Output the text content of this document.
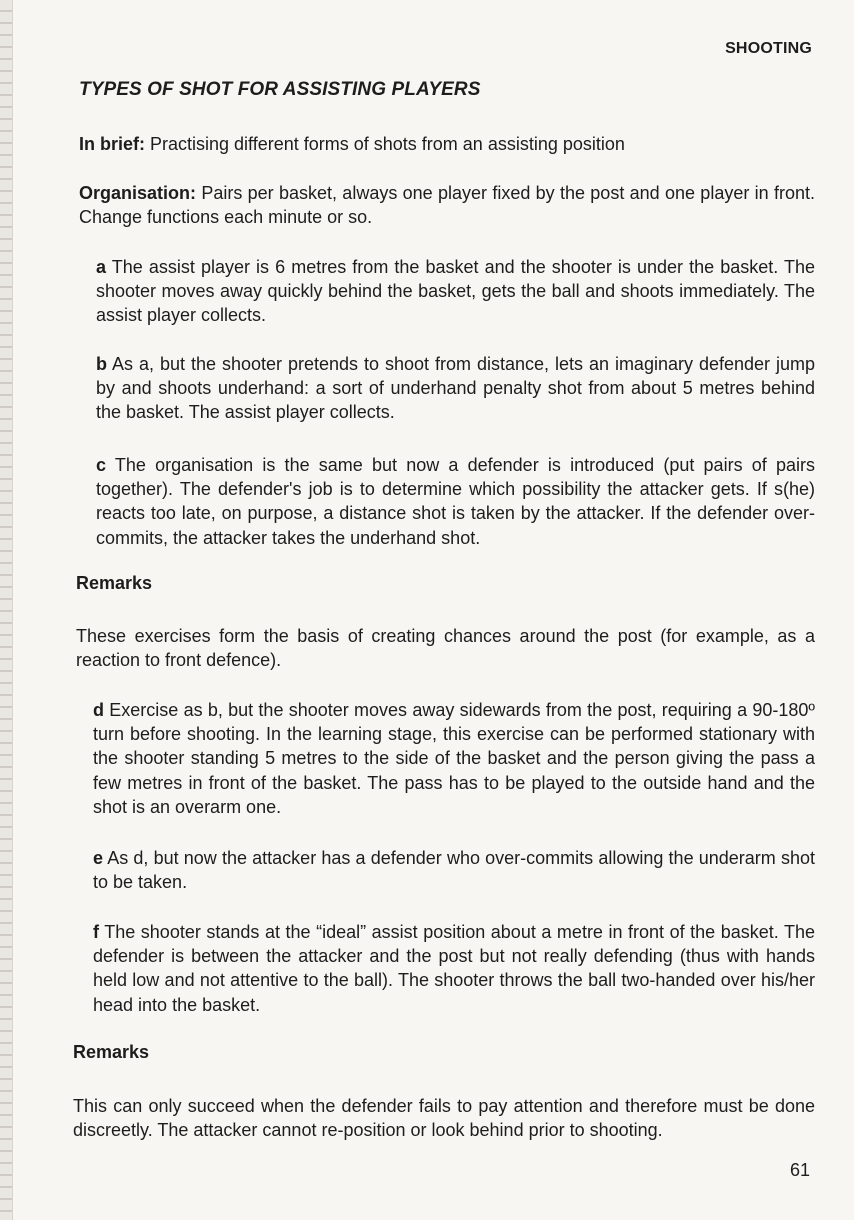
SHOOTING
TYPES OF SHOT FOR ASSISTING PLAYERS
In brief: Practising different forms of shots from an assisting position

Organisation: Pairs per basket, always one player fixed by the post and one player in front. Change functions each minute or so.

a The assist player is 6 metres from the basket and the shooter is under the basket. The shooter moves away quickly behind the basket, gets the ball and shoots immediately. The assist player collects.

b As a, but the shooter pretends to shoot from distance, lets an imaginary defender jump by and shoots underhand: a sort of underhand penalty shot from about 5 metres behind the basket. The assist player collects.

c The organisation is the same but now a defender is introduced (put pairs of pairs together). The defender's job is to determine which possibility the attacker gets. If s(he) reacts too late, on purpose, a distance shot is taken by the attacker. If the defender over-commits, the attacker takes the underhand shot.

Remarks

These exercises form the basis of creating chances around the post (for example, as a reaction to front defence).

d Exercise as b, but the shooter moves away sidewards from the post, requiring a 90-180º turn before shooting. In the learning stage, this exercise can be performed stationary with the shooter standing 5 metres to the side of the basket and the person giving the pass a few metres in front of the basket. The pass has to be played to the outside hand and the shot is an overarm one.

e As d, but now the attacker has a defender who over-commits allowing the underarm shot to be taken.

f The shooter stands at the “ideal” assist position about a metre in front of the basket. The defender is between the attacker and the post but not really defending (thus with hands held low and not attentive to the ball). The shooter throws the ball two-handed over his/her head into the basket.

Remarks

This can only succeed when the defender fails to pay attention and therefore must be done discreetly. The attacker cannot re-position or look behind prior to shooting.

61
